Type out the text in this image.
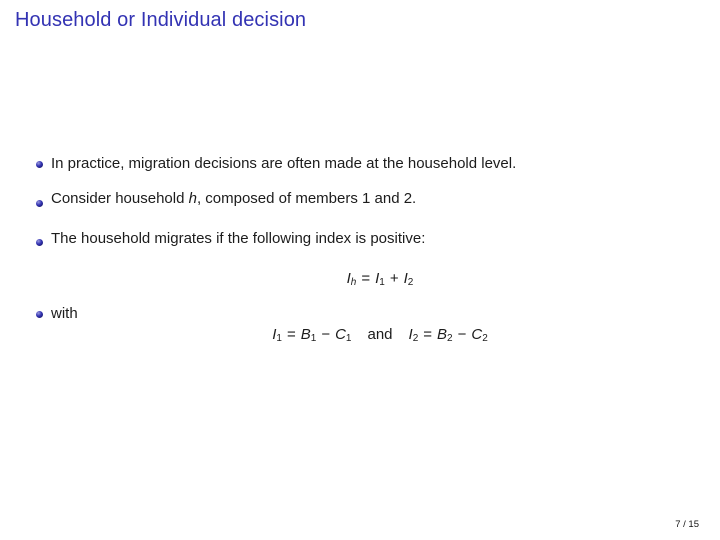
Household or Individual decision
In practice, migration decisions are often made at the household level.
Consider household h, composed of members 1 and 2.
The household migrates if the following index is positive:
Ih = I1 + I2
with
I1 = B1 − C1 and I2 = B2 − C2
7 / 15
